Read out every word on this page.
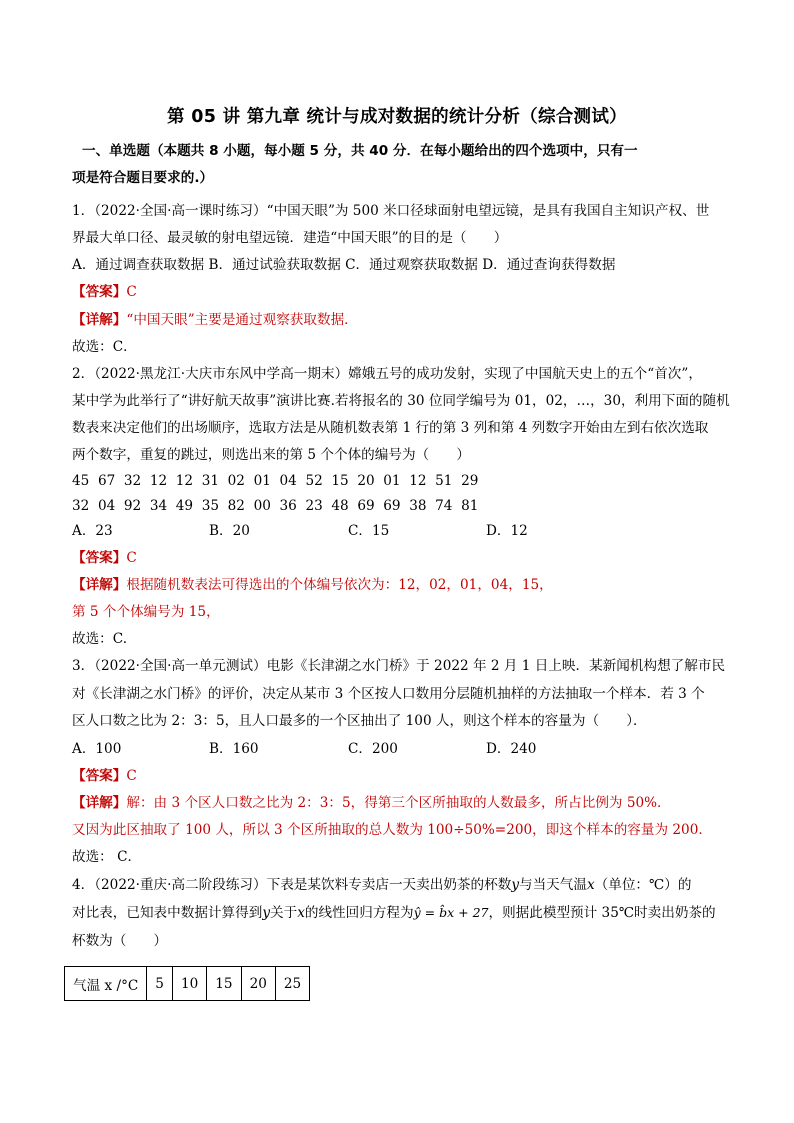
第 05 讲 第九章 统计与成对数据的统计分析（综合测试）
一、单选题（本题共 8 小题，每小题 5 分，共 40 分．在每小题给出的四个选项中，只有一
项是符合题目要求的.）
1．（2022·全国·高一课时练习）“中国天眼”为 500 米口径球面射电望远镜，是具有我国自主知识产权、世
界最大单口径、最灵敏的射电望远镜．建造“中国天眼”的目的是（　　）
A．通过调查获取数据 B．通过试验获取数据 C．通过观察获取数据 D．通过查询获得数据
【答案】C
【详解】“中国天眼”主要是通过观察获取数据．
故选：C．
2．（2022·黑龙江·大庆市东风中学高一期末）嫦娥五号的成功发射，实现了中国航天史上的五个“首次”，
某中学为此举行了“讲好航天故事”演讲比赛.若将报名的 30 位同学编号为 01，02，…，30，利用下面的随机
数表来决定他们的出场顺序，选取方法是从随机数表第 1 行的第 3 列和第 4 列数字开始由左到右依次选取
两个数字，重复的跳过，则选出来的第 5 个个体的编号为（　　）
45  67  32  12  12  31  02  01  04  52  15  20  01  12  51  29
32  04  92  34  49  35  82  00  36  23  48  69  69  38  74  81
A．23	B．20	C．15	D．12
【答案】C
【详解】根据随机数表法可得选出的个体编号依次为：12，02，01，04，15，
第 5 个个体编号为 15，
故选：C.
3．（2022·全国·高一单元测试）电影《长津湖之水门桥》于 2022 年 2 月 1 日上映．某新闻机构想了解市民
对《长津湖之水门桥》的评价，决定从某市 3 个区按人口数用分层随机抽样的方法抽取一个样本．若 3 个
区人口数之比为 2：3：5，且人口最多的一个区抽出了 100 人，则这个样本的容量为（　　）．
A．100	B．160	C．200	D．240
【答案】C
【详解】解：由 3 个区人口数之比为 2：3：5，得第三个区所抽取的人数最多，所占比例为 50%．
又因为此区抽取了 100 人，所以 3 个区所抽取的总人数为 100÷50%=200，即这个样本的容量为 200．
故选： C．
4．（2022·重庆·高二阶段练习）下表是某饮料专卖店一天卖出奶茶的杯数y与当天气温x（单位：℃）的
对比表，已知表中数据计算得到y关于x的线性回归方程为ŷ = b̂x + 27，则据此模型预计 35℃时卖出奶茶的
杯数为（　　）
气温 x /°C	5	10	15	20	25
